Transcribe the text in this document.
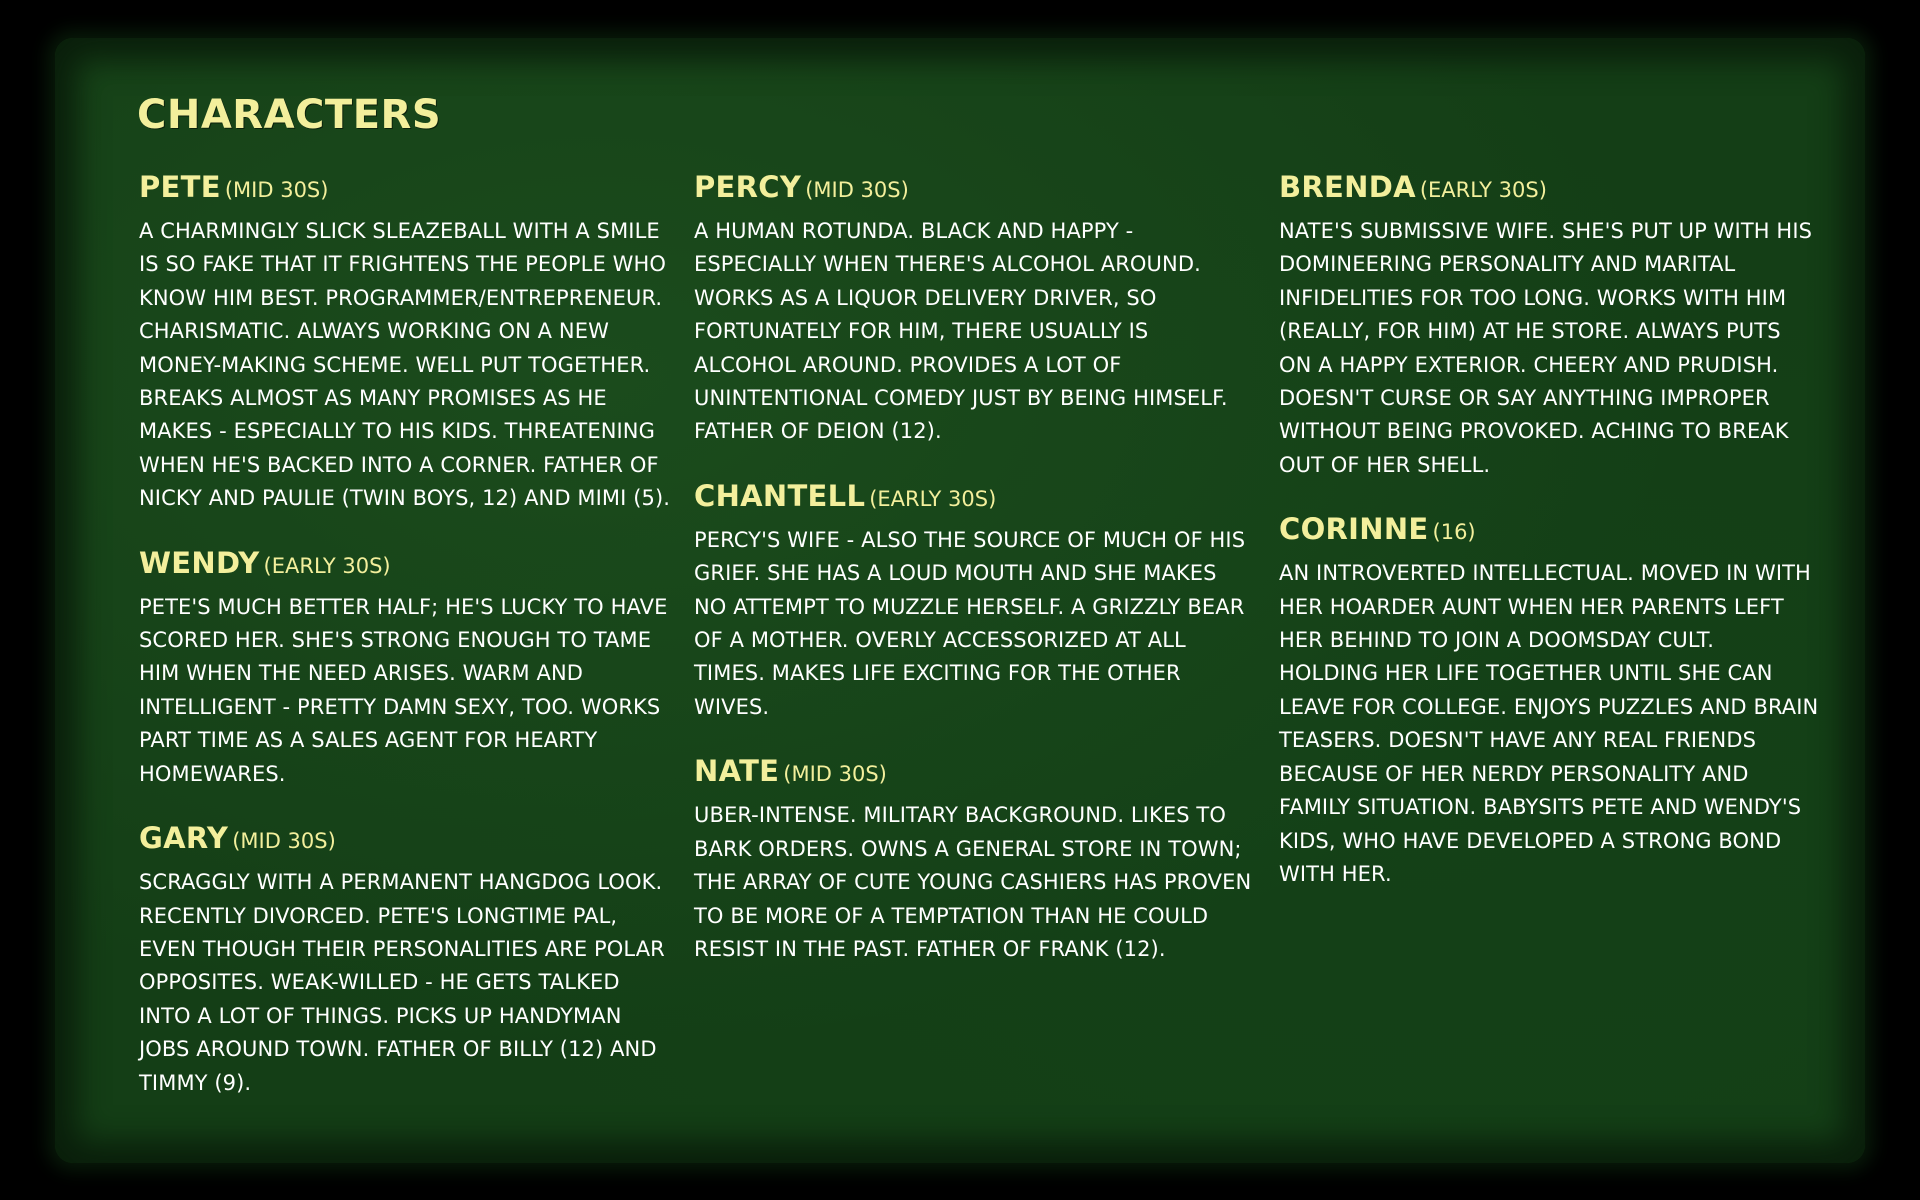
CHARACTERS

PETE (MID 30S)

A CHARMINGLY SLICK SLEAZEBALL WITH A SMILE IS SO FAKE THAT IT FRIGHTENS THE PEOPLE WHO KNOW HIM BEST. PROGRAMMER/ENTREPRENEUR. CHARISMATIC. ALWAYS WORKING ON A NEW MONEY-MAKING SCHEME. WELL PUT TOGETHER. BREAKS ALMOST AS MANY PROMISES AS HE MAKES - ESPECIALLY TO HIS KIDS. THREATENING WHEN HE'S BACKED INTO A CORNER. FATHER OF NICKY AND PAULIE (TWIN BOYS, 12) AND MIMI (5).

WENDY (EARLY 30S)

PETE'S MUCH BETTER HALF; HE'S LUCKY TO HAVE SCORED HER. SHE'S STRONG ENOUGH TO TAME HIM WHEN THE NEED ARISES. WARM AND INTELLIGENT - PRETTY DAMN SEXY, TOO. WORKS PART TIME AS A SALES AGENT FOR HEARTY HOMEWARES.

GARY (MID 30S)

SCRAGGLY WITH A PERMANENT HANGDOG LOOK. RECENTLY DIVORCED. PETE'S LONGTIME PAL, EVEN THOUGH THEIR PERSONALITIES ARE POLAR OPPOSITES. WEAK-WILLED - HE GETS TALKED INTO A LOT OF THINGS. PICKS UP HANDYMAN JOBS AROUND TOWN. FATHER OF BILLY (12) AND TIMMY (9).

PERCY (MID 30S)

A HUMAN ROTUNDA. BLACK AND HAPPY - ESPECIALLY WHEN THERE'S ALCOHOL AROUND. WORKS AS A LIQUOR DELIVERY DRIVER, SO FORTUNATELY FOR HIM, THERE USUALLY IS ALCOHOL AROUND. PROVIDES A LOT OF UNINTENTIONAL COMEDY JUST BY BEING HIMSELF. FATHER OF DEION (12).

CHANTELL (EARLY 30S)

PERCY'S WIFE - ALSO THE SOURCE OF MUCH OF HIS GRIEF. SHE HAS A LOUD MOUTH AND SHE MAKES NO ATTEMPT TO MUZZLE HERSELF. A GRIZZLY BEAR OF A MOTHER. OVERLY ACCESSORIZED AT ALL TIMES. MAKES LIFE EXCITING FOR THE OTHER WIVES.

NATE (MID 30S)

UBER-INTENSE. MILITARY BACKGROUND. LIKES TO BARK ORDERS. OWNS A GENERAL STORE IN TOWN; THE ARRAY OF CUTE YOUNG CASHIERS HAS PROVEN TO BE MORE OF A TEMPTATION THAN HE COULD RESIST IN THE PAST. FATHER OF FRANK (12).

BRENDA (EARLY 30S)

NATE'S SUBMISSIVE WIFE. SHE'S PUT UP WITH HIS DOMINEERING PERSONALITY AND MARITAL INFIDELITIES FOR TOO LONG. WORKS WITH HIM (REALLY, FOR HIM) AT HE STORE. ALWAYS PUTS ON A HAPPY EXTERIOR. CHEERY AND PRUDISH. DOESN'T CURSE OR SAY ANYTHING IMPROPER WITHOUT BEING PROVOKED. ACHING TO BREAK OUT OF HER SHELL.

CORINNE (16)

AN INTROVERTED INTELLECTUAL. MOVED IN WITH HER HOARDER AUNT WHEN HER PARENTS LEFT HER BEHIND TO JOIN A DOOMSDAY CULT. HOLDING HER LIFE TOGETHER UNTIL SHE CAN LEAVE FOR COLLEGE. ENJOYS PUZZLES AND BRAIN TEASERS. DOESN'T HAVE ANY REAL FRIENDS BECAUSE OF HER NERDY PERSONALITY AND FAMILY SITUATION. BABYSITS PETE AND WENDY'S KIDS, WHO HAVE DEVELOPED A STRONG BOND WITH HER.
